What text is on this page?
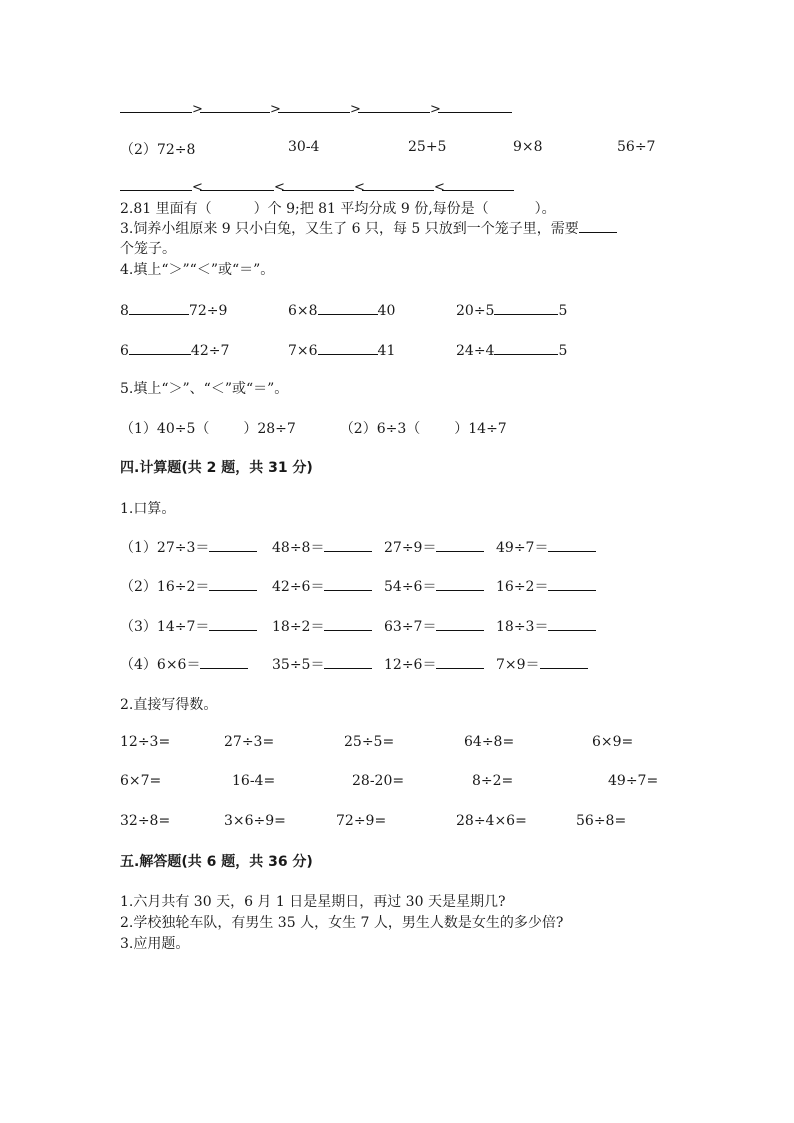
>	>	>	>
（2）72÷8	30-4	25+5	9×8	56÷7
<	<	<	<
2.81 里面有（	）个 9;把 81 平均分成 9 份,每份是（	）。
3.饲养小组原来 9 只小白兔，又生了 6 只，每 5 只放到一个笼子里，需要
个笼子。
4.填上“＞”“＜”或“＝”。
8	72÷9	6×8	40	20÷5	5
6	42÷7	7×6	41	24÷4	5
5.填上“＞”、“＜”或“＝”。
（1）40÷5（ ）28÷7	（2）6÷3（ ）14÷7
四.计算题(共 2 题，共 31 分)
1.口算。
（1）27÷3＝	48÷8＝	27÷9＝	49÷7＝
（2）16÷2＝	42÷6＝	54÷6＝	16÷2＝
（3）14÷7＝	18÷2＝	63÷7＝	18÷3＝
（4）6×6＝	35÷5＝	12÷6＝	7×9＝
2.直接写得数。
12÷3=	27÷3=	25÷5=	64÷8=	6×9=
6×7=	16-4=	28-20=	8÷2=	49÷7=
32÷8=	3×6÷9=	72÷9=	28÷4×6=	56÷8=
五.解答题(共 6 题，共 36 分)
1.六月共有 30 天，6 月 1 日是星期日，再过 30 天是星期几?
2.学校独轮车队，有男生 35 人，女生 7 人，男生人数是女生的多少倍?
3.应用题。
